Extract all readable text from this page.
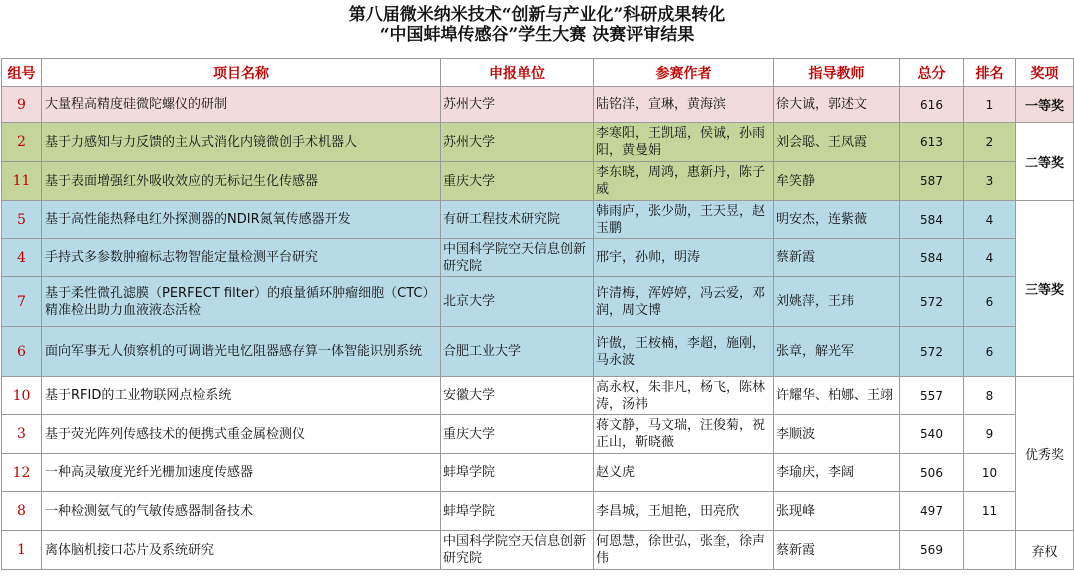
第八届微米纳米技术“创新与产业化”科研成果转化

“中国蚌埠传感谷”学生大赛 决赛评审结果

组号	项目名称	申报单位	参赛作者	指导教师	总分	排名	奖项
9	大量程高精度硅微陀螺仪的研制	苏州大学	陆铭洋，宣琳，黄海滨	徐大诚，郭述文	616	1	一等奖
2	基于力感知与力反馈的主从式消化内镜微创手术机器人	苏州大学	李寒阳，王凯瑶，侯诚，孙雨阳，黄曼娟	刘会聪、王凤霞	613	2	二等奖
11	基于表面增强红外吸收效应的无标记生化传感器	重庆大学	李东晓，周鸿，惠新丹，陈子威	牟笑静	587	3	
5	基于高性能热释电红外探测器的NDIR氮氧传感器开发	有研工程技术研究院	韩雨庐，张少勋，王天昱，赵玉鹏	明安杰，连紫薇	584	4	三等奖
4	手持式多参数肿瘤标志物智能定量检测平台研究	中国科学院空天信息创新研究院	邢宇，孙帅，明涛	蔡新霞	584	4	
7	基于柔性微孔滤膜（PERFECT filter）的痕量循环肿瘤细胞（CTC）精准检出助力血液液态活检	北京大学	许清梅，浑婷婷，冯云爱，邓润，周文博	刘姚萍，王玮	572	6	
6	面向军事无人侦察机的可调谐光电忆阻器感存算一体智能识别系统	合肥工业大学	许傲，王桉楠，李超，施刚，马永波	张章，解光军	572	6	
10	基于RFID的工业物联网点检系统	安徽大学	高永权，朱非凡，杨飞，陈林涛，汤祎	许耀华、柏娜、王翊	557	8	优秀奖
3	基于荧光阵列传感技术的便携式重金属检测仪	重庆大学	蒋文静，马文瑞，汪俊菊，祝正山，靳晓薇	李顺波	540	9	
12	一种高灵敏度光纤光栅加速度传感器	蚌埠学院	赵义虎	李瑜庆，李阔	506	10	
8	一种检测氨气的气敏传感器制备技术	蚌埠学院	李昌城，王旭艳，田亮欣	张现峰	497	11	
1	离体脑机接口芯片及系统研究	中国科学院空天信息创新研究院	何恩慧，徐世弘，张奎，徐声伟	蔡新霞	569		弃权
